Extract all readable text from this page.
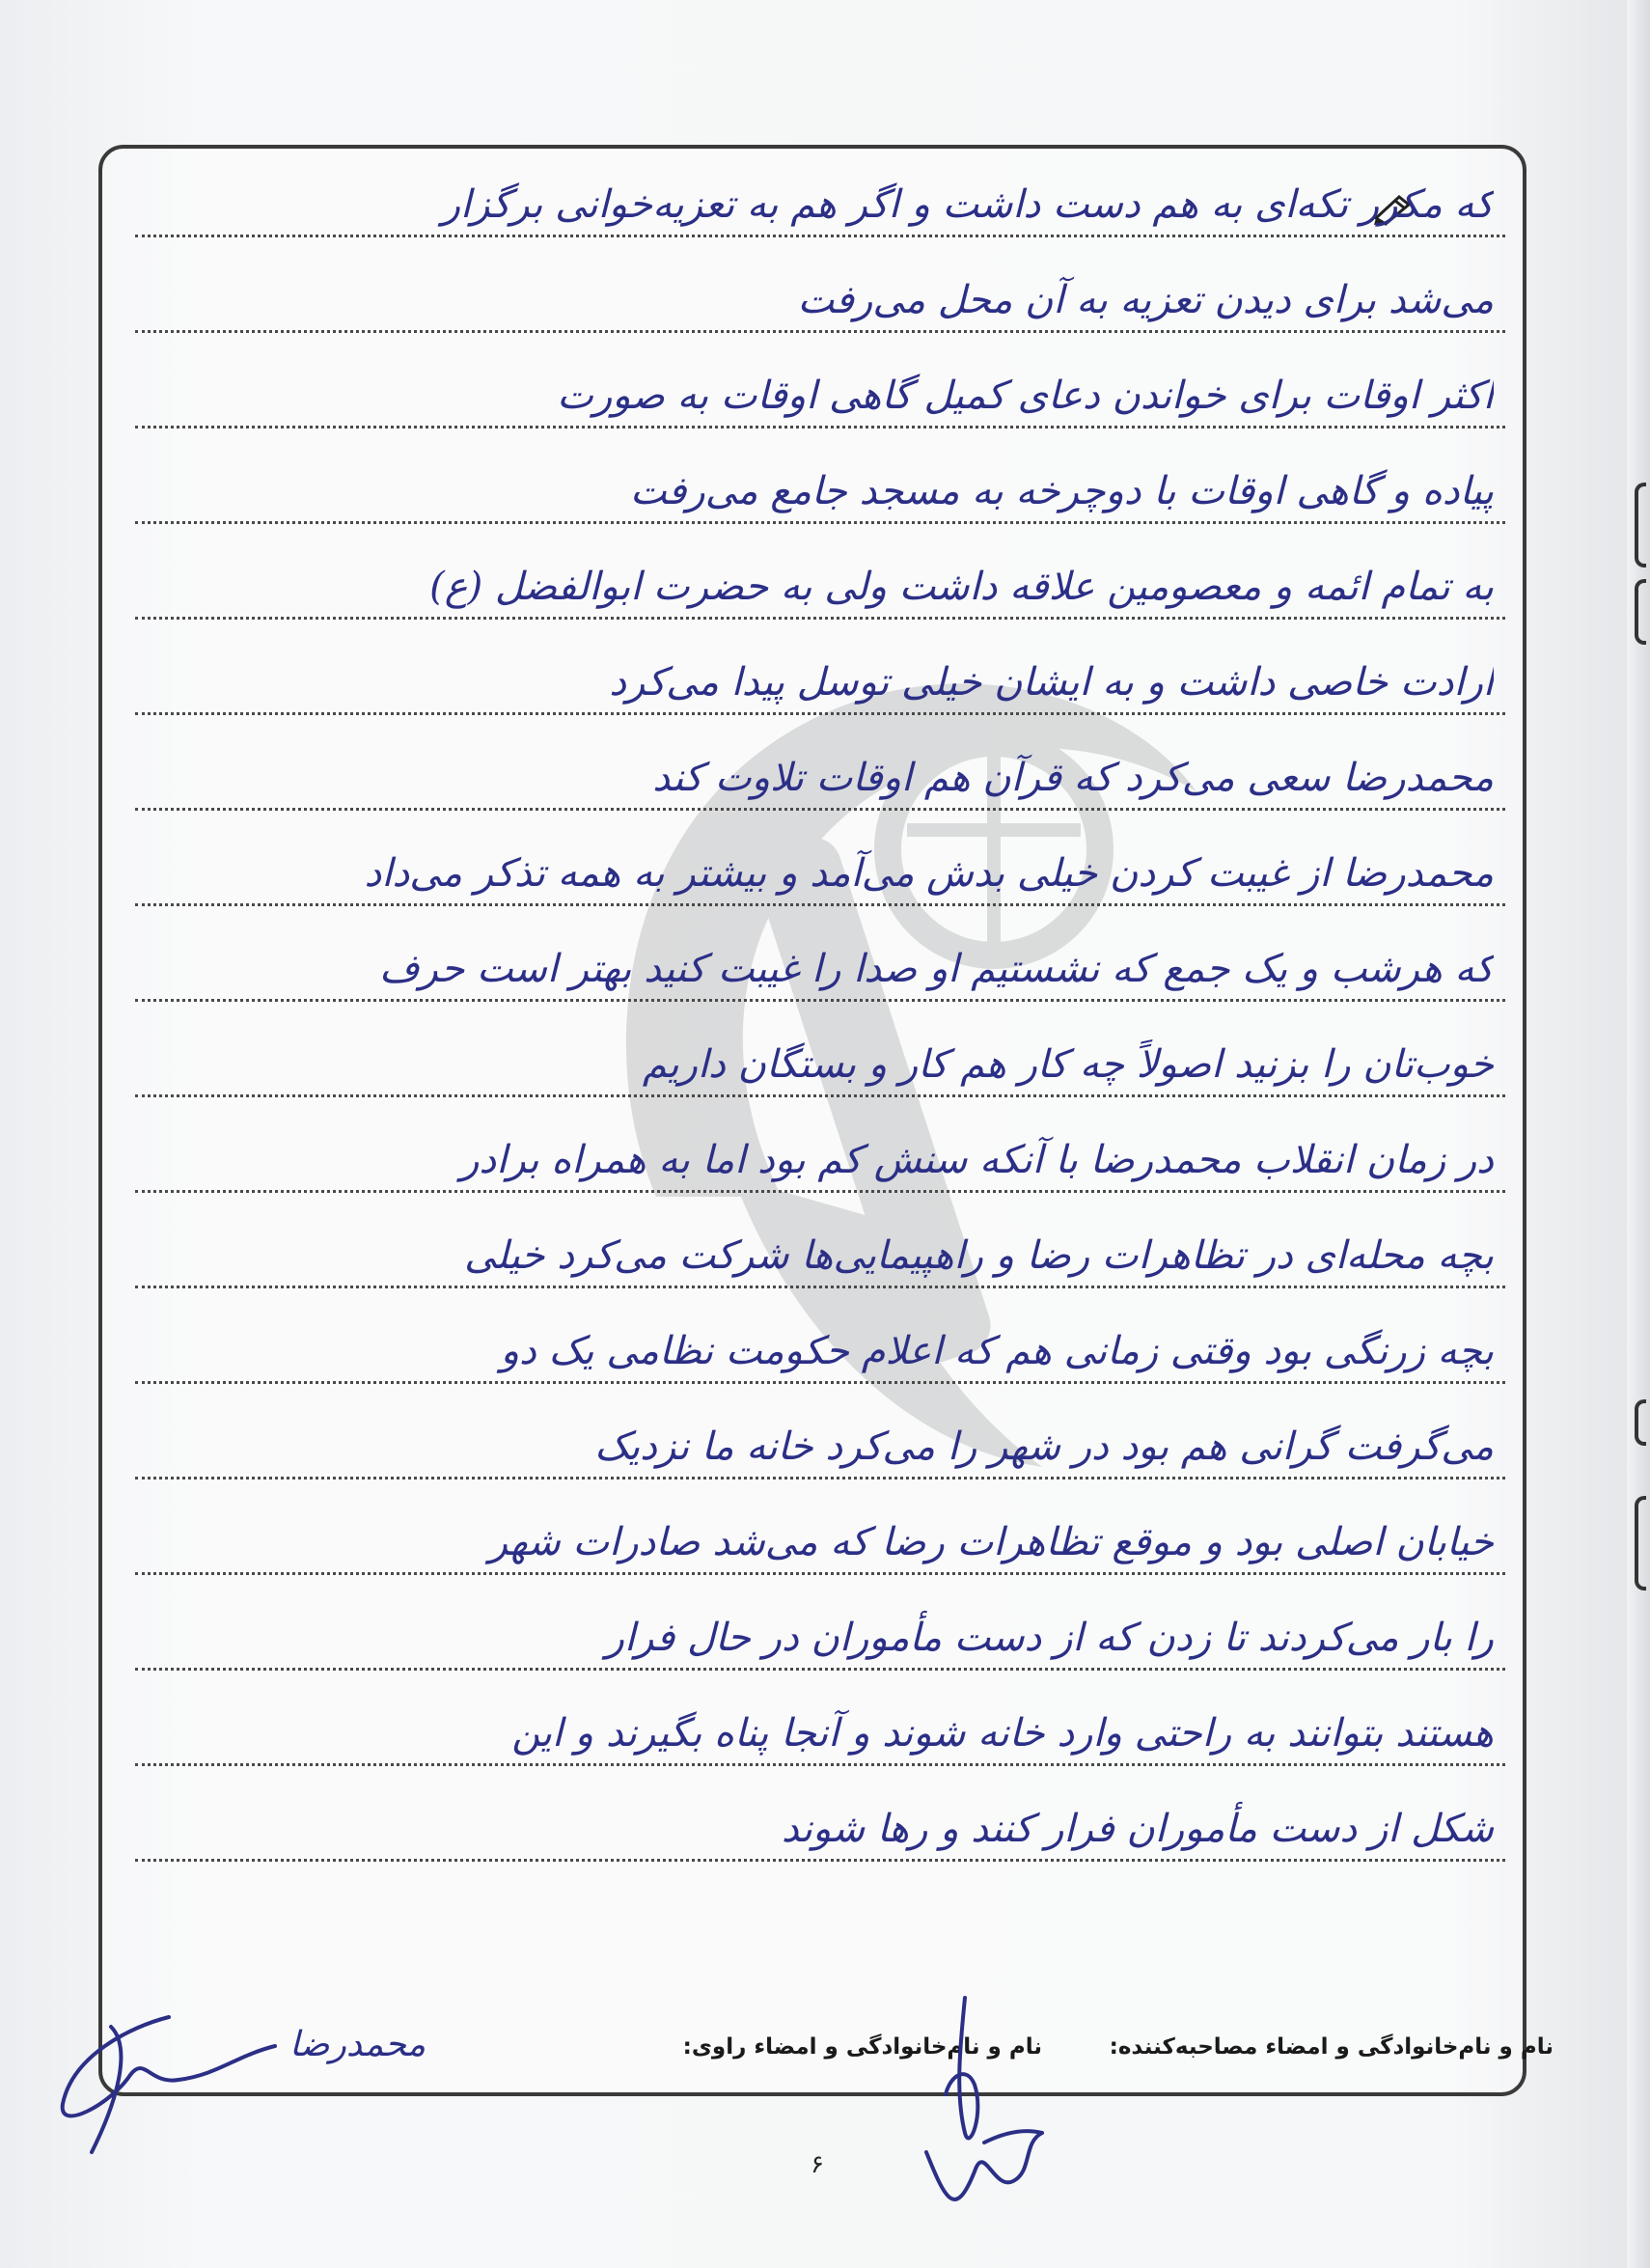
که مکرر تکه‌ای به هم دست داشت و اگر هم به تعزیه‌خوانی برگزار
می‌شد برای دیدن تعزیه به آن محل می‌رفت
اکثر اوقات برای خواندن دعای کمیل گاهی اوقات به صورت
پیاده و گاهی اوقات با دوچرخه به مسجد جامع می‌رفت
به تمام ائمه و معصومین علاقه داشت ولی به حضرت ابوالفضل (ع)
ارادت خاصی داشت و به ایشان خیلی توسل پیدا می‌کرد
محمدرضا سعی می‌کرد که قرآن هم اوقات تلاوت کند
محمدرضا از غیبت کردن خیلی بدش می‌آمد و بیشتر به همه تذکر می‌داد
که هرشب و یک جمع که نشستیم او صدا را غیبت کنید بهتر است حرف
خوب‌تان را بزنید اصولاً چه کار هم کار و بستگان داریم
در زمان انقلاب محمدرضا با آنکه سنش کم بود اما به همراه برادر
بچه محله‌ای در تظاهرات رضا و راهپیمایی‌ها شرکت می‌کرد خیلی
بچه زرنگی بود وقتی زمانی هم که اعلام حکومت نظامی یک دو
می‌گرفت گرانی هم بود در شهر را می‌کرد خانه ما نزدیک
خیابان اصلی بود و موقع تظاهرات رضا که می‌شد صادرات شهر
را بار می‌کردند تا زدن که از دست مأموران در حال فرار
هستند بتوانند به راحتی وارد خانه شوند و آنجا پناه بگیرند و این
شکل از دست مأموران فرار کنند و رها شوند
نام و نام‌خانوادگی و امضاء مصاحبه‌کننده:
نام و نام‌خانوادگی و امضاء راوی:
محمدرضا
۶
